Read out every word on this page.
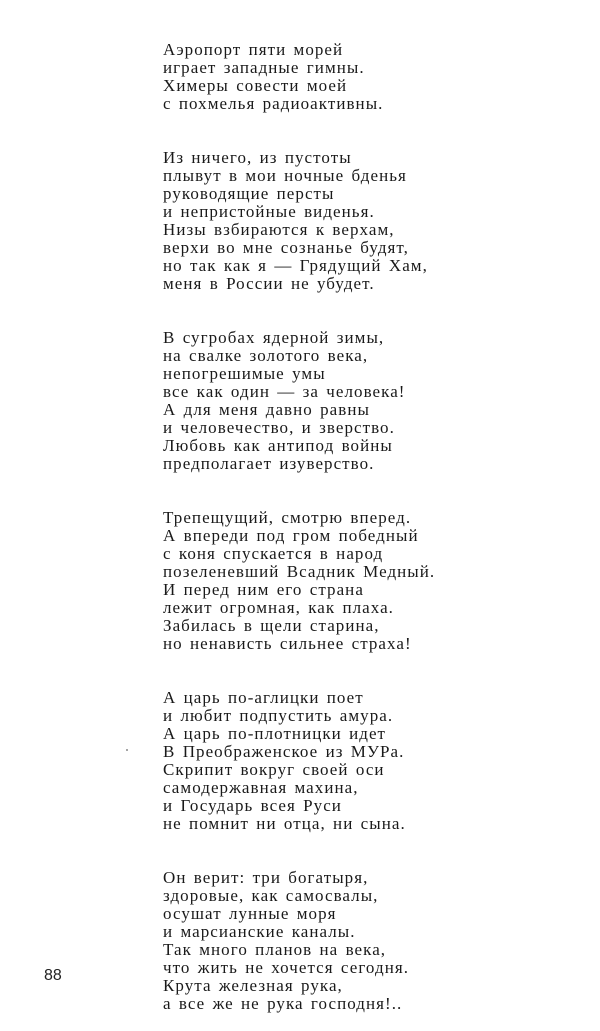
Аэропорт пяти морей
играет западные гимны.
Химеры совести моей
с похмелья радиоактивны.
Из ничего, из пустоты
плывут в мои ночные бденья
руководящие персты
и непристойные виденья.
Низы взбираются к верхам,
верхи во мне сознанье будят,
но так как я — Грядущий Хам,
меня в России не убудет.
В сугробах ядерной зимы,
на свалке золотого века,
непогрешимые умы
все как один — за человека!
А для меня давно равны
и человечество, и зверство.
Любовь как антипод войны
предполагает изуверство.
Трепещущий, смотрю вперед.
А впереди под гром победный
с коня спускается в народ
позеленевший Всадник Медный.
И перед ним его страна
лежит огромная, как плаха.
Забилась в щели старина,
но ненависть сильнее страха!
А царь по-аглицки поет
и любит подпустить амура.
А царь по-плотницки идет
В Преображенское из МУРа.
Скрипит вокруг своей оси
самодержавная махина,
и Государь всея Руси
не помнит ни отца, ни сына.
Он верит: три богатыря,
здоровые, как самосвалы,
осушат лунные моря
и марсианские каналы.
Так много планов на века,
что жить не хочется сегодня.
Крута железная рука,
а все же не рука господня!..
88
